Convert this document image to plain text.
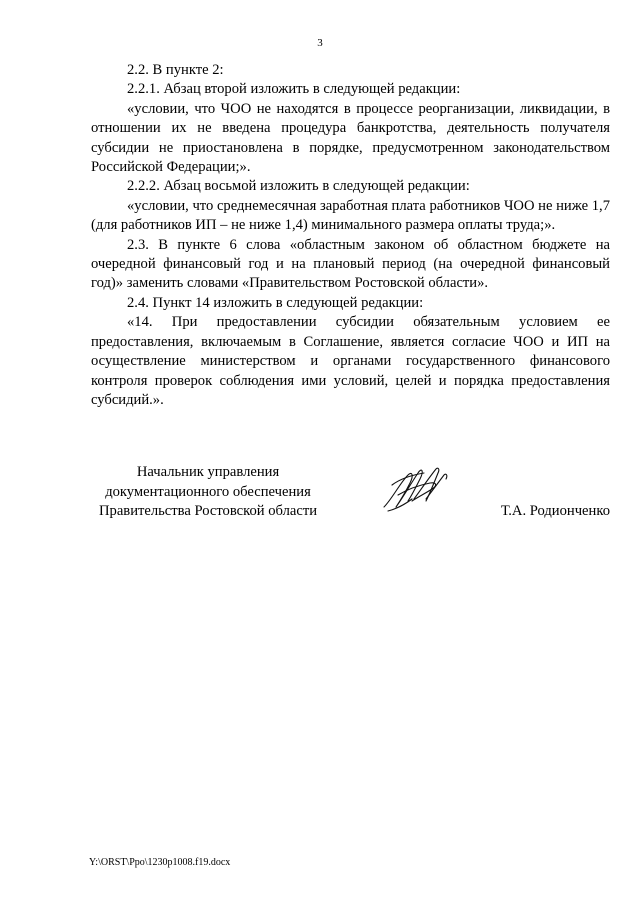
3

2.2. В пункте 2:

2.2.1. Абзац второй изложить в следующей редакции:

«условии, что ЧОО не находятся в процессе реорганизации, ликвидации, в отношении их не введена процедура банкротства, деятельность получателя субсидии не приостановлена в порядке, предусмотренном законодательством Российской Федерации;».

2.2.2. Абзац восьмой изложить в следующей редакции:

«условии, что среднемесячная заработная плата работников ЧОО не ниже 1,7 (для работников ИП – не ниже 1,4) минимального размера оплаты труда;».

2.3. В пункте 6 слова «областным законом об областном бюджете на очередной финансовый год и на плановый период (на очередной финансовый год)» заменить словами «Правительством Ростовской области».

2.4. Пункт 14 изложить в следующей редакции:

«14. При предоставлении субсидии обязательным условием ее предоставления, включаемым в Соглашение, является согласие ЧОО и ИП на осуществление министерством и органами государственного финансового контроля проверок соблюдения ими условий, целей и порядка предоставления субсидий.».

Начальник управления
документационного обеспечения
Правительства Ростовской области	Т.А. Родионченко
Y:\ORST\Ppo\1230p1008.f19.docx
